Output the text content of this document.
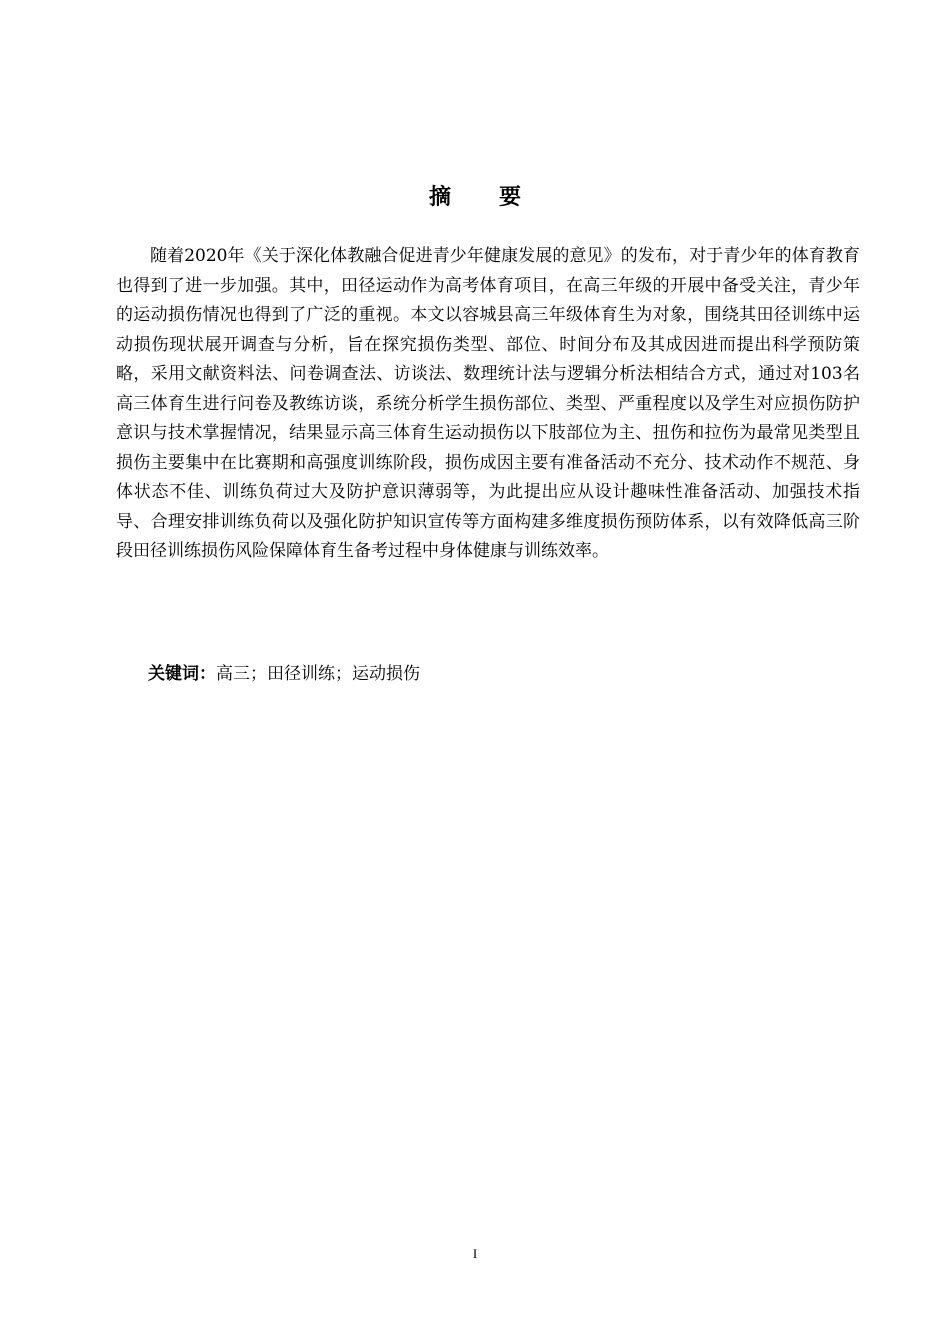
摘 要

随着2020年《关于深化体教融合促进青少年健康发展的意见》的发布，对于青少年的体育教育也得到了进一步加强。其中，田径运动作为高考体育项目，在高三年级的开展中备受关注，青少年的运动损伤情况也得到了广泛的重视。本文以容城县高三年级体育生为对象，围绕其田径训练中运动损伤现状展开调查与分析，旨在探究损伤类型、部位、时间分布及其成因进而提出科学预防策略，采用文献资料法、问卷调查法、访谈法、数理统计法与逻辑分析法相结合方式，通过对103名高三体育生进行问卷及教练访谈，系统分析学生损伤部位、类型、严重程度以及学生对应损伤防护意识与技术掌握情况，结果显示高三体育生运动损伤以下肢部位为主、扭伤和拉伤为最常见类型且损伤主要集中在比赛期和高强度训练阶段，损伤成因主要有准备活动不充分、技术动作不规范、身体状态不佳、训练负荷过大及防护意识薄弱等，为此提出应从设计趣味性准备活动、加强技术指导、合理安排训练负荷以及强化防护知识宣传等方面构建多维度损伤预防体系，以有效降低高三阶段田径训练损伤风险保障体育生备考过程中身体健康与训练效率。

关键词：高三；田径训练；运动损伤
I
